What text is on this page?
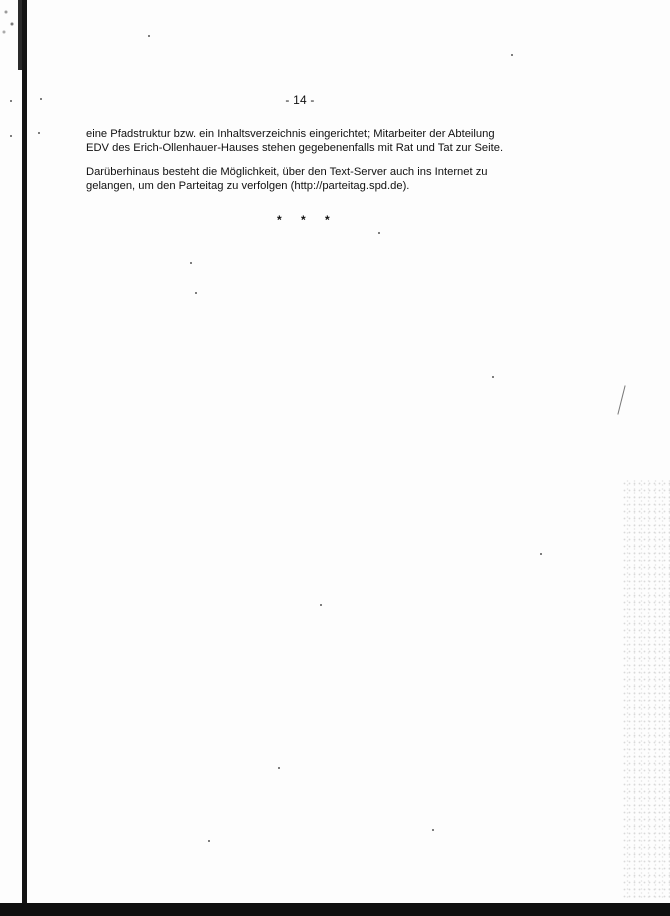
- 14 -

eine Pfadstruktur bzw. ein Inhaltsverzeichnis eingerichtet; Mitarbeiter der Abteilung
EDV des Erich-Ollenhauer-Hauses stehen gegebenenfalls mit Rat und Tat zur Seite.

Darüberhinaus besteht die Möglichkeit, über den Text-Server auch ins Internet zu
gelangen, um den Parteitag zu verfolgen (http://parteitag.spd.de).

* * *
